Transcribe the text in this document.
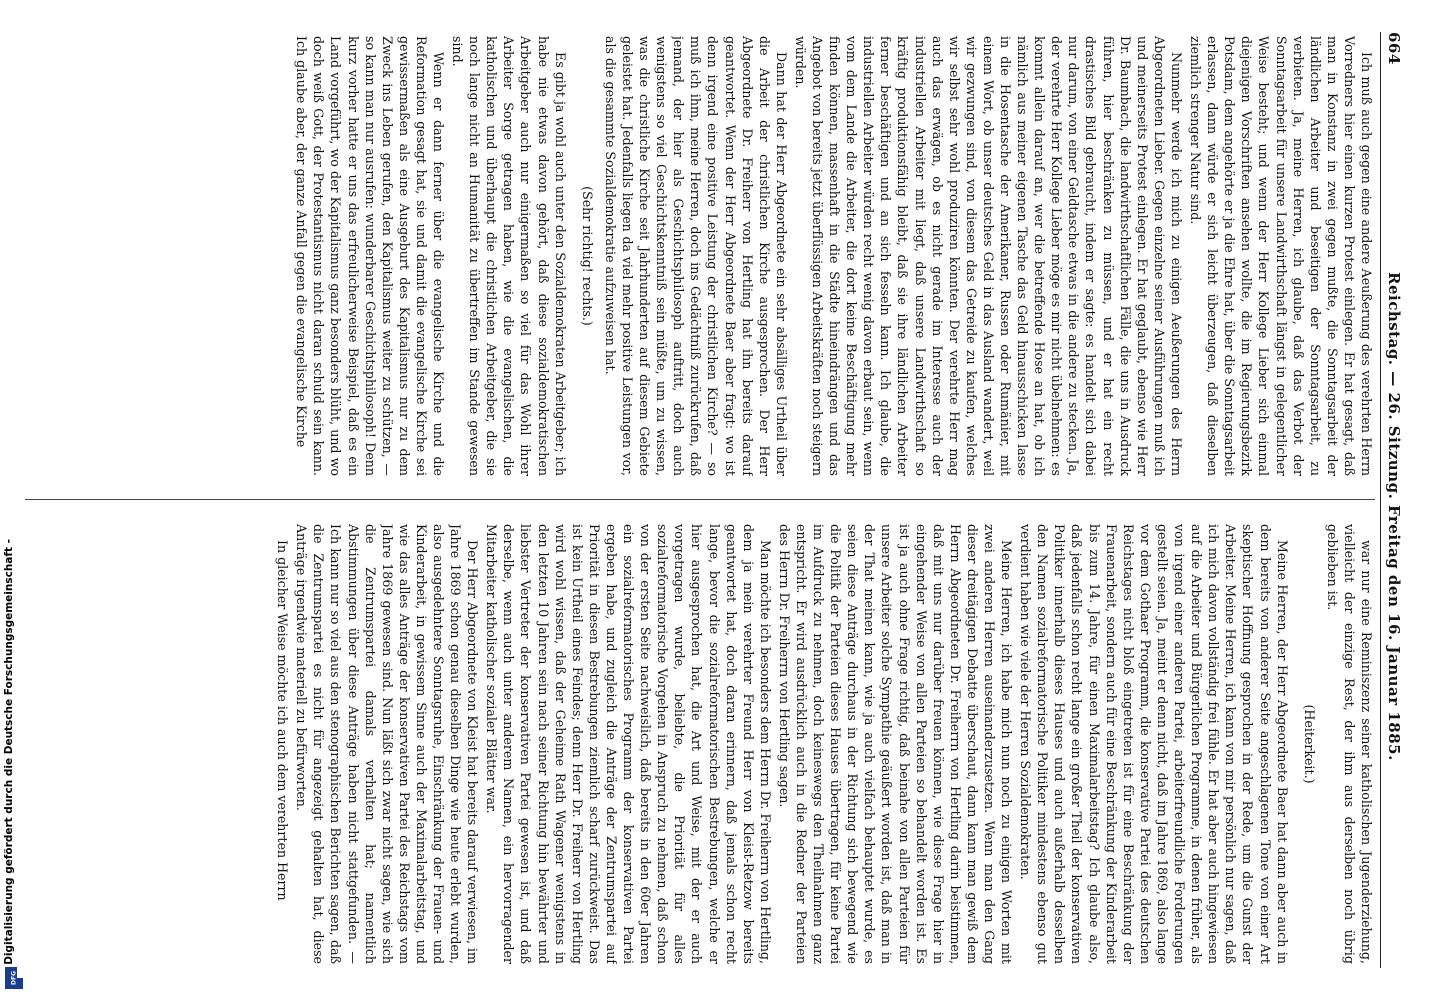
Digitalisierung gefördert durch die Deutsche Forschungsgemeinschaft -
DFG
664
Reichstag. — 26. Sitzung. Freitag den 16. Januar 1885.

Ich muß auch gegen eine andere Aeußerung des verehrten Herrn Vorredners hier einen kurzen Protest einlegen. Er hat gesagt, daß man in Konstanz in zwei gegen mußte, die Sonntagsarbeit der ländlichen Arbeiter und beseitigen der Sonntagsarbeit, zu verbieten. Ja, meine Herren, ich glaube, daß das Verbot der Sonntagsarbeit für unsere Landwirthschaft längst in gelegentlicher Weise besteht; und wenn der Herr Kollege Lieber sich einmal diejenigen Vorschriften ansehen wollte, die im Regierungsbezirk Potsdam, dem angehörte er ja die Ehre hat, über die Sonntagsarbeit erlassen, dann würde er sich leicht überzeugen, daß dieselben ziemlich strenger Natur sind.

Nunmehr werde ich mich zu einigen Aeußerungen des Herrn Abgeordneten Lieber. Gegen einzelne seiner Ausführungen muß ich und meinerseits Protest einlegen. Er hat geglaubt, ebenso wie Herr Dr. Baumbach, die landwirthschaftlichen Fälle, die uns in Ausdruck führen, hier beschränken zu müssen, und er hat ein recht drastisches Bild gebraucht, indem er sagte: es handelt sich dabei nur darum, von einer Geldtasche etwas in die andere zu stecken. Ja, der verehrte Herr Kollege Lieber möge es mir nicht übelnehmen: es kommt allein darauf an, wer die betreffende Hose an hat, ob ich nämlich aus meiner eigenen Tasche das Geld hinausschicken lasse in die Hosentasche der Amerikaner, Russen oder Rumänier, mit einem Wort, ob unser deutsches Geld in das Ausland wandert, weil wir gezwungen sind, von diesem das Getreide zu kaufen, welches wir selbst sehr wohl produziren könnten. Der verehrte Herr mag auch das erwägen, ob es nicht gerade im Interesse auch der industriellen Arbeiter mit liegt, daß unsere Landwirthschaft so kräftig produktionsfähig bleibt, daß sie ihre ländlichen Arbeiter ferner beschäftigen und an sich fesseln kann. Ich glaube, die industriellen Arbeiter würden recht wenig davon erbaut sein, wenn vom dem Lande die Arbeiter, die dort keine Beschäftigung mehr finden können, massenhaft in die Städte hineindrängen und das Angebot von bereits jetzt überflüssigen Arbeitskräften noch steigern würden.

Dann hat der Herr Abgeordnete ein sehr absälliges Urtheil über die Arbeit der christlichen Kirche ausgesprochen. Der Herr Abgeordnete Dr. Freiherr von Hertling hat ihn bereits darauf geantwortet. Wenn der Herr Abgeordnete Baer aber fragt: wo ist denn irgend eine positive Leistung der christlichen Kirche? — so muß ich ihm, meine Herren, doch ins Gedächtniß zurückrufen, daß jemand, der hier als Geschichtsphilosoph auftritt, doch auch wenigstens so viel Geschichtskenntniß sein müßte, um zu wissen, was die christliche Kirche seit Jahrhunderten auf diesem Gebiete geleistet hat. Jedenfalls liegen da viel mehr positive Leistungen vor, als die gesammte Sozialdemokratie aufzuweisen hat.

(Sehr richtig! rechts.)

Es gibt ja wohl auch unter den Sozialdemokraten Arbeitgeber; ich habe nie etwas davon gehört, daß diese sozialdemokratischen Arbeitgeber auch nur einigermaßen so viel für das Wohl ihrer Arbeiter Sorge getragen haben, wie die evangelischen, die katholischen und überhaupt die christlichen Arbeitgeber, die sie noch lange nicht an Humanität zu übertreffen im Stande gewesen sind.

Wenn er dann ferner über die evangelische Kirche und die Reformation gesagt hat, sie und damit die evangelische Kirche sei gewissermaßen als eine Ausgeburt des Kapitalismus nur zu dem Zweck ins Leben gerufen, den Kapitalismus weiter zu schützen, — so kann man nur ausrufen: wunderbarer Geschichtsphilosoph! Denn kurz vorher hatte er uns das erfreulicherweise Beispiel, daß es ein Land vorgeführt, wo der Kapitalismus ganz besonders blüht, und wo doch weiß Gott, der Protestantismus nicht daran schuld sein kann. Ich glaube aber, der ganze Anfall gegen die evangelische Kirche

war nur eine Reminiszenz seiner katholischen Jugenderziehung, vielleicht der einzige Rest, der ihm aus derselben noch übrig geblieben ist.

(Heiterkeit.)

Meine Herren, der Herr Abgeordnete Baer hat dann aber auch in dem bereits von anderer Seite angeschlagenen Tone von einer Art skeptischer Hoffnung gesprochen in der Rede, um die Gunst der Arbeiter. Meine Herren, ich kann von mir persönlich nur sagen, daß ich mich davon vollständig frei fühle. Er hat aber auch hingewiesen auf die Arbeiter und Bürgerlichen Programme, in denen früher, als von irgend einer anderen Partei, arbeiterfreundliche Forderungen gestellt seien. Ja, meint er denn nicht, daß im Jahre 1869, also lange vor dem Gothaer Programm, die konservative Partei des deutschen Reichstages nicht bloß eingetreten ist für eine Beschränkung der Frauenarbeit, sondern auch für eine Beschränkung der Kinderarbeit bis zum 14. Jahre, für einen Maximalarbeitstag? Ich glaube also, daß jedenfalls schon recht lange ein großer Theil der konservativen Politiker innerhalb dieses Hauses und auch außerhalb desselben den Namen sozialreformatorische Politiker mindestens ebenso gut verdient haben wie viele der Herren Sozialdemokraten.

Meine Herren, ich habe mich nun noch zu einigen Worten mit zwei anderen Herren auseinanderzusetzen. Wenn man den Gang dieser dreitägigen Debatte überschaut, dann kann man gewiß dem Herrn Abgeordneten Dr. Freiherrn von Hertling darin beistimmen, daß mit uns nur darüber freuen können, wie diese Frage hier in eingehender Weise von allen Parteien so behandelt worden ist. Es ist ja auch ohne Frage richtig, daß beinahe von allen Parteien für unsere Arbeiter solche Sympathie geäußert worden ist, daß man in der That meinen kann, wie ja auch vielfach behauptet wurde, es seien diese Anträge durchaus in der Richtung sich bewegend wie die Politik der Parteien dieses Hauses übertragen, für keine Partei im Aufdruck zu nehmen, doch keineswegs den Theilnahmen ganz entspricht. Er wird ausdrücklich auch in die Redner der Parteien des Herrn Dr. Freiherrn von Hertling sagen.

Man möchte ich besonders dem Herrn Dr. Freiherrn von Hertling, dem ja mein verehrter Freund Herr von Kleist-Retzow bereits geantwortet hat, doch daran erinnern, daß jemals schon recht lange, bevor die sozialreformatorischen Bestrebungen, welche er hier ausgesprochen hat, die Art und Weise, mit der er auch vorgetragen wurde, beliebte, die Priorität für alles sozialreformatorische Vorgehen in Anspruch zu nehmen, daß schon von der ersten Seite nachweislich, daß bereits in den 60er Jahren ein sozialreformatorisches Programm der konservativen Partei ergeben habe, und zugleich die Anträge der Zentrumspartei auf Priorität in diesen Bestrebungen ziemlich scharf zurückweist. Das ist kein Urtheil eines Feindes; denn Herr Dr. Freiherr von Hertling wird wohl wissen, daß der Geheime Rath Wagener wenigstens in den letzten 10 Jahren sein nach seiner Richtung hin bewährter und liebster Vertreter der konservativen Partei gewesen ist, und daß derselbe, wenn auch unter anderem Namen, ein hervorragender Mitarbeiter katholischer sozialer Blätter war.

Der Herr Abgeordnete von Kleist hat bereits darauf verwiesen, im Jahre 1869 schon genau dieselben Dinge wie heute erlebt wurden, also ausgedehntere Sonntagsruhe, Einschränkung der Frauen- und Kinderarbeit, in gewissem Sinne auch der Maximalarbeitstag, und wie das alles Anträge der konservativen Partei des Reichstags vom Jahre 1869 gewesen sind. Nun läßt sich zwar nicht sagen, wie sich die Zentrumspartei damals verhalten hat; namentlich Abstimmungen über diese Anträge haben nicht stattgefunden. — Ich kann nur so viel aus den stenographischen Berichten sagen, daß die Zentrumspartei es nicht für angezeigt gehalten hat, diese Anträge irgendwie materiell zu befürworten.

In gleicher Weise möchte ich auch dem verehrten Herrn
